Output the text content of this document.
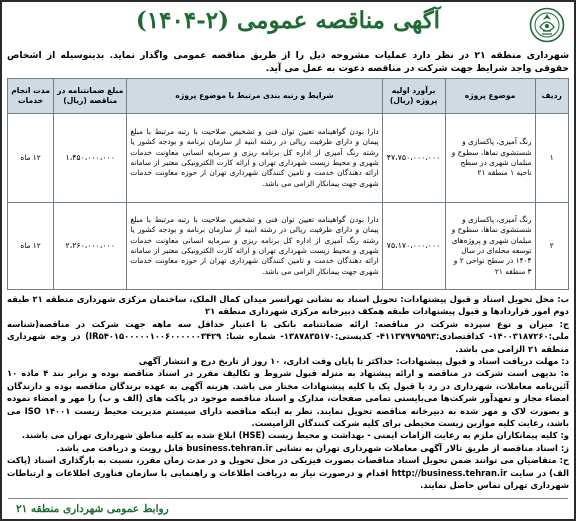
آگهی مناقصه عمومی (۲-۱۴۰۴)

شهرداری منطقه ۲۱ در نظر دارد عملیات مشروحه ذیل را از طریق مناقصه عمومی واگذار نماید. بدینوسیله از اشخاص حقوقی واجد شرایط جهت شرکت در مناقصه دعوت به عمل می آید.

ردیف	موضوع پروژه	برآورد اولیه پروژه (ریال)	شرایط و رتبه بندی مرتبط با موضوع پروژه	مبلغ ضمانتنامه در مناقصه (ریال)	مدت انجام خدمات
۱	رنگ آمیزی، پاکسازی و شستشوی نماها، سطوح و مبلمان شهری در سطح ناحیه ۱ منطقه ۲۱	۴۷،۷۵۰،۰۰۰،۰۰۰	دارا بودن گواهینامه تعیین توان فنی و تشخیص صلاحیت با رتبه مرتبط با مبلغ پیمان و دارای ظرفیت ریالی در رشته ابنیه از سازمان برنامه و بودجه کشور یا رشته رنگ آمیزی از اداره کل برنامه ریزی و سرمایه انسانی معاونت خدمات شهری و محیط زیست شهرداری تهران و ارائه کارت الکترونیکی معتبر از سامانه ارائه دهندگان خدمت و تامین کنندگان شهرداری تهران از حوزه معاونت خدمات شهری جهت پیمانکار الزامی می باشد.	۱،۴۵۰،۰۰۰،۰۰۰	۱۲ ماه
۲	رنگ آمیزی، پاکسازی و شستشوی نماها، سطوح و مبلمان شهری و پروژه‌های توسعه محله‌ای در سال ۱۴۰۴ در سطح نواحی ۲ و ۳ منطقه ۲۱	۷۵،۱۷۰،۰۰۰،۰۰۰	دارا بودن گواهینامه تعیین توان فنی و تشخیص صلاحیت با رتبه مرتبط با مبلغ پیمان و دارای ظرفیت ریالی در رشته ابنیه از سازمان برنامه و بودجه کشور یا رشته رنگ آمیزی از اداره کل برنامه ریزی و سرمایه انسانی معاونت خدمات شهری و محیط زیست شهرداری تهران و ارائه کارت الکترونیکی معتبر از سامانه ارائه دهندگان خدمت و تامین کنندگان شهرداری تهران از حوزه معاونت خدمات شهری جهت پیمانکار الزامی می باشد.	۲،۲۶۰،۰۰۰،۰۰۰	۱۲ ماه

ب: محل تحویل اسناد و قبول پیشنهادات: تحویل اسناد به نشانی تهرانسر میدان کمال الملک، ساختمان مرکزی شهرداری منطقه ۲۱ طبقه دوم امور قراردادها و قبول پیشنهادات طبقه همکف دبیرخانه مرکزی شهرداری منطقه ۲۱

ج: میزان و نوع سپرده شرکت در مناقصه: ارائه ضمانتنامه بانکی با اعتبار حداقل سه ماهه جهت شرکت در مناقصه(شناسه ملی:۱۴۰۰۳۱۸۷۲۶۰- کداقتصادی:۴۱۱۳۷۹۷۹۵۹۳- کدپستی:۱۳۸۷۸۳۵۱۷۰- شماره شبا: IR۵۴۰۱۵۰۰۰۰۰۱۰۰۶۰۰۰۰۰۰۳۴۲۹) در وجه شهرداری منطقه ۲۱ الزامی می باشد.

د: مهلت دریافت اسناد و قبول پیشنهادات: حداکثر تا پایان وقت اداری، ۱۰ روز از تاریخ درج و انتشار آگهی

ه: بدیهی است شرکت در مناقصه و ارائه پیشنهاد به منزله قبول شروط و تکالیف مقرر در اسناد مناقصه بوده و برابر بند ۴ ماده ۱۰ آئین‌نامه معاملات، شهرداری در رد یا قبول یک یا کلیه پیشنهادات مختار می باشد. هزینه آگهی به عهده برندگان مناقصه بوده و دارندگان امضاء مجاز و تعهدآور شرکت‌ها می‌بایستی تمامی صفحات، مدارک و اسناد مناقصه موجود در پاکت های (الف و ب) را مهر و امضاء نموده و بصورت لاک و مهر شده به دبیرخانه مناقصه تحویل نمایند. نظر به اینکه مناقصه دارای سیستم مدیریت محیط زیست ISO ۱۴۰۰۱ می باشد، رعایت کلیه موازین زیست محیطی برای کلیه شرکت کنندگان الزامیست.

و: کلیه پیمانکاران ملزم به رعایت الزامات ایمنی - بهداشت و محیط زیست (HSE) ابلاغ شده به کلیه مناطق شهرداری تهران می باشند.

ز: اسناد مناقصه از طریق تالار آگهی معاملات شهرداری تهران به نشانی business.tehran.ir قابل رویت و دریافت می باشد.

ح: متقاضیان می توانند ضمن تحویل اسناد مناقصات بصورت فیزیکی در محل تحویل و در مدت زمان مقرر، نسبت به بارگذاری اسناد (پاکت الف) در سایت http://business.tehran.ir اقدام و درصورت نیاز به دریافت اطلاعات و راهنمایی با سازمان فناوری اطلاعات و ارتباطات شهرداری تهران تماس حاصل نمایند.

روابط عمومی شهرداری منطقه ۲۱
